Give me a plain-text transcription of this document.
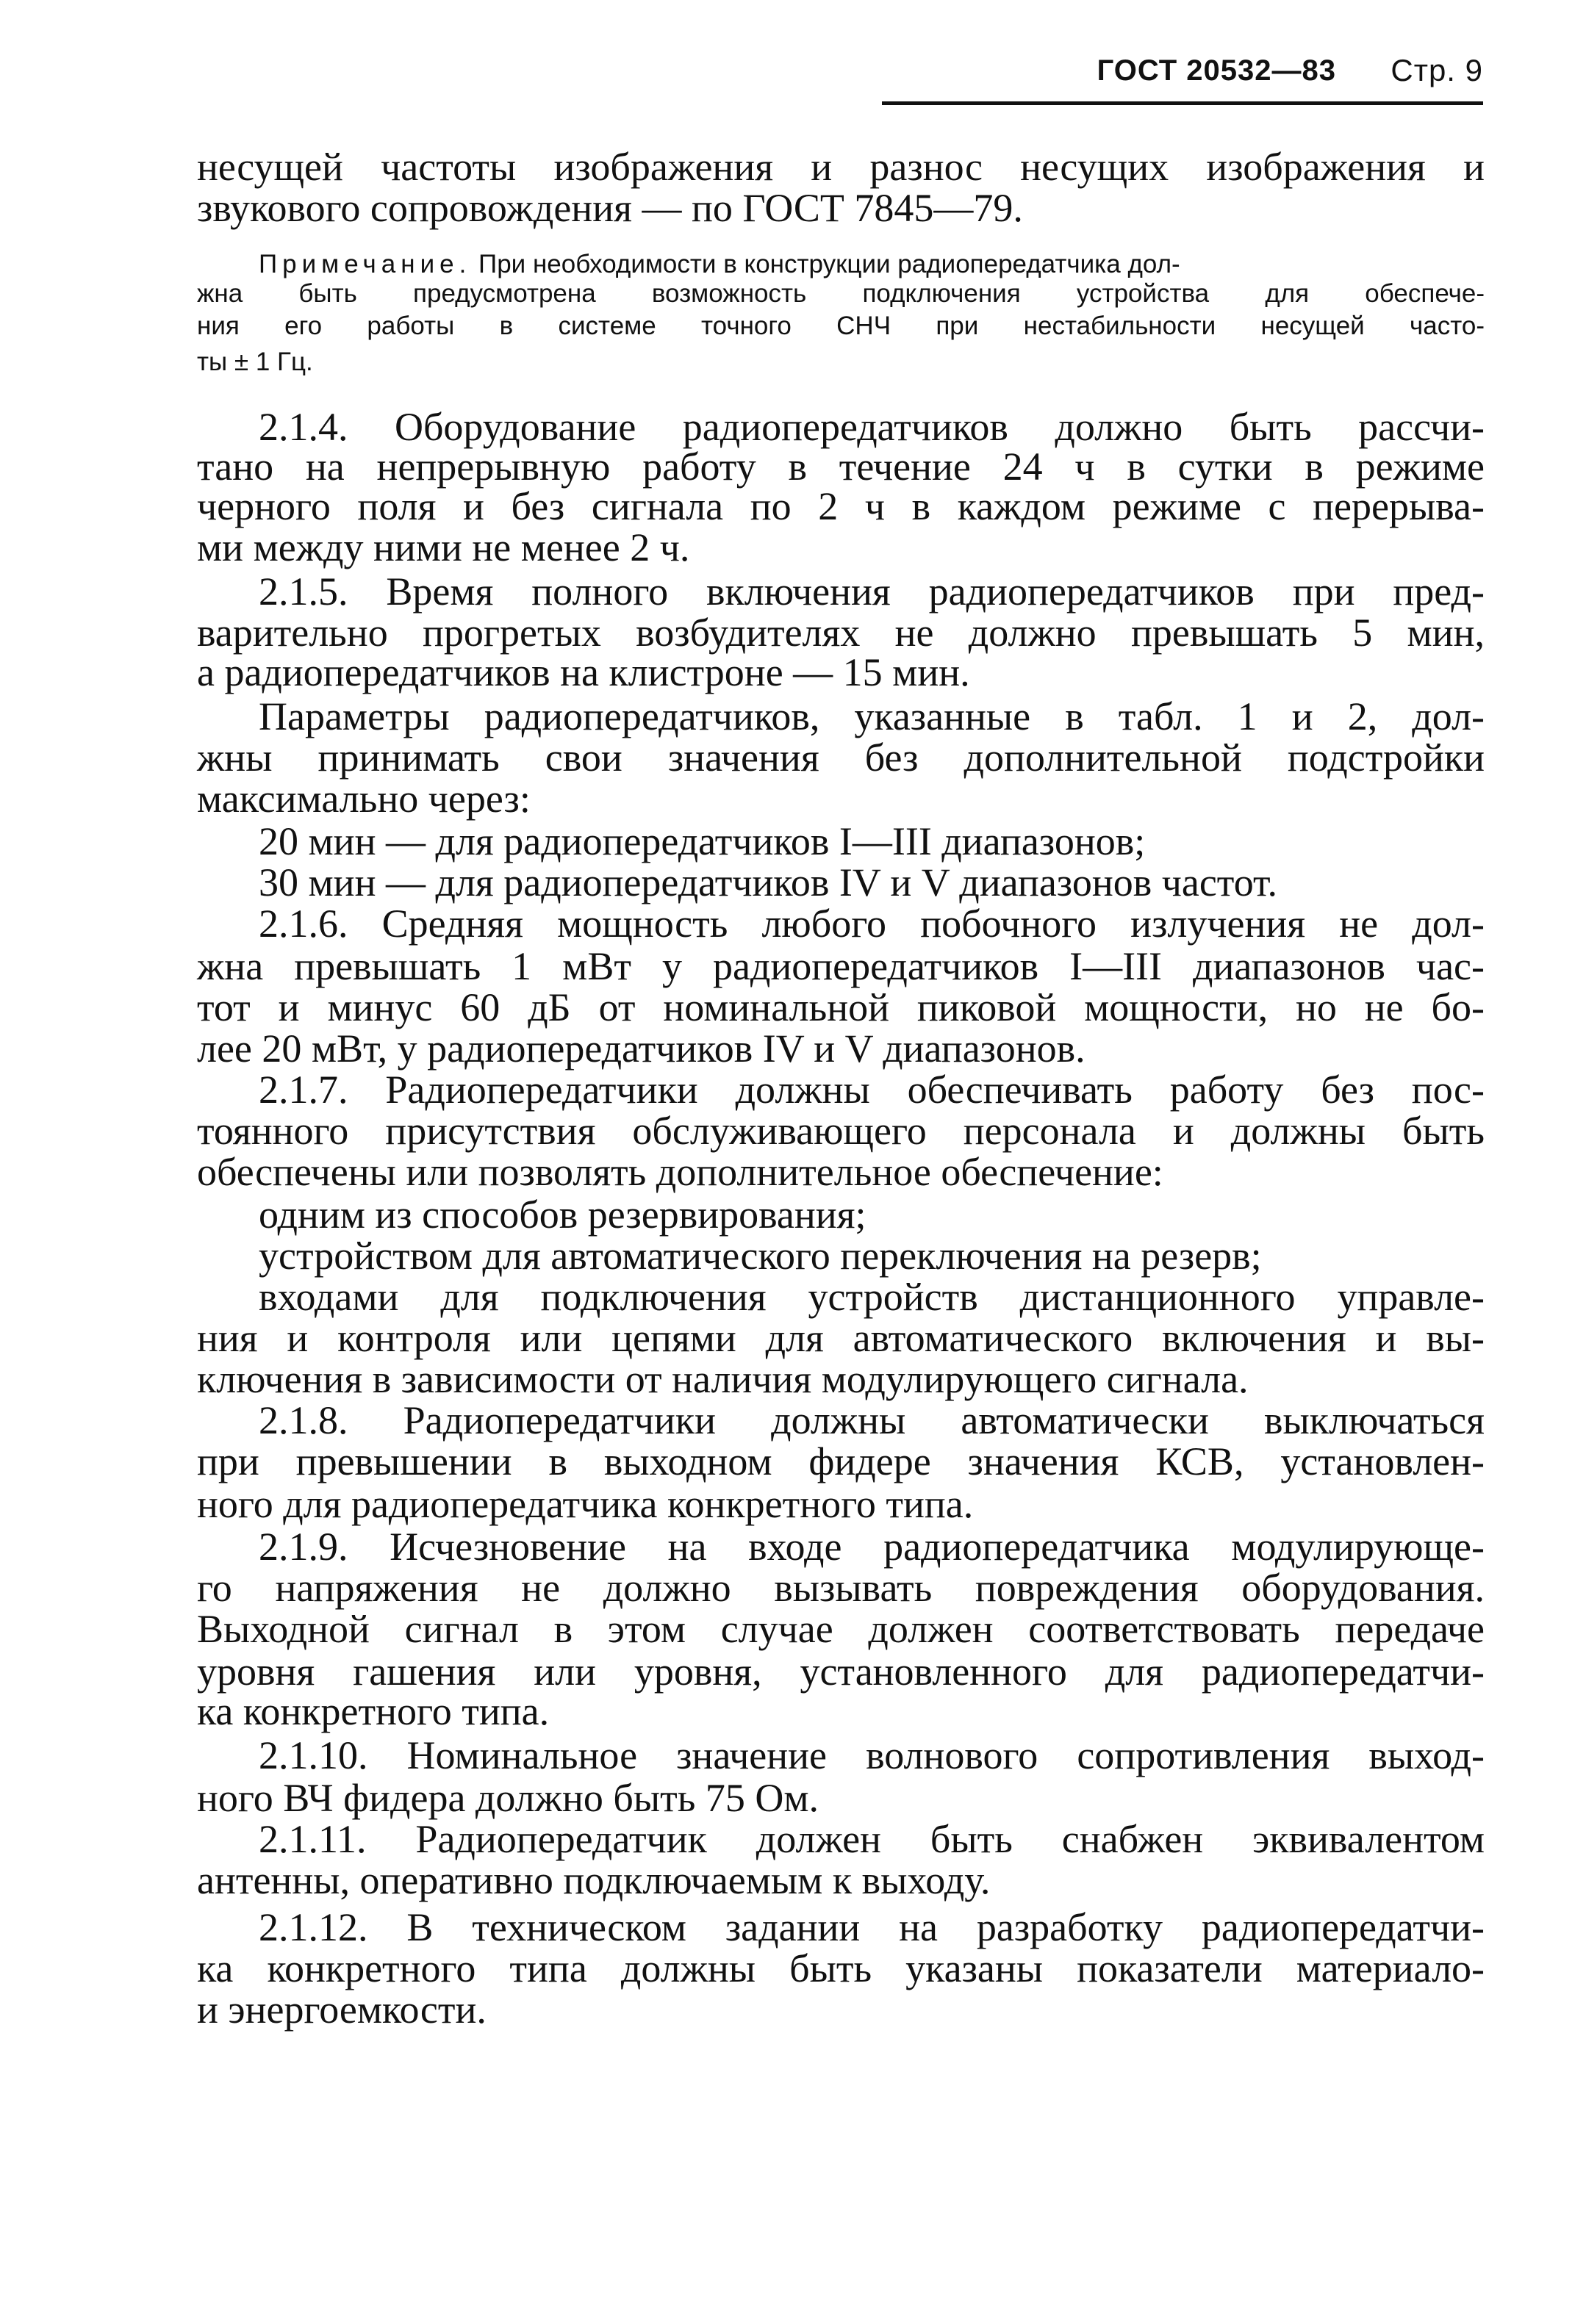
ГОСТ 20532—83 Стр. 9
несущей частоты изображения и разнос несущих изображения и
звукового сопровождения — по ГОСТ 7845—79.
Примечание. При необходимости в конструкции радиопередатчика дол-
жна быть предусмотрена возможность подключения устройства для обеспече-
ния его работы в системе точного СНЧ при нестабильности несущей часто-
ты ± 1 Гц.
2.1.4. Оборудование радиопередатчиков должно быть рассчи-
тано на непрерывную работу в течение 24 ч в сутки в режиме
черного поля и без сигнала по 2 ч в каждом режиме с перерыва-
ми между ними не менее 2 ч.
2.1.5. Время полного включения радиопередатчиков при пред-
варительно прогретых возбудителях не должно превышать 5 мин,
а радиопередатчиков на клистроне — 15 мин.
Параметры радиопередатчиков, указанные в табл. 1 и 2, дол-
жны принимать свои значения без дополнительной подстройки
максимально через:
20 мин — для радиопередатчиков I—III диапазонов;
30 мин — для радиопередатчиков IV и V диапазонов частот.
2.1.6. Средняя мощность любого побочного излучения не дол-
жна превышать 1 мВт у радиопередатчиков I—III диапазонов час-
тот и минус 60 дБ от номинальной пиковой мощности, но не бо-
лее 20 мВт, у радиопередатчиков IV и V диапазонов.
2.1.7. Радиопередатчики должны обеспечивать работу без пос-
тоянного присутствия обслуживающего персонала и должны быть
обеспечены или позволять дополнительное обеспечение:
одним из способов резервирования;
устройством для автоматического переключения на резерв;
входами для подключения устройств дистанционного управле-
ния и контроля или цепями для автоматического включения и вы-
ключения в зависимости от наличия модулирующего сигнала.
2.1.8. Радиопередатчики должны автоматически выключаться
при превышении в выходном фидере значения КСВ, установлен-
ного для радиопередатчика конкретного типа.
2.1.9. Исчезновение на входе радиопередатчика модулирующе-
го напряжения не должно вызывать повреждения оборудования.
Выходной сигнал в этом случае должен соответствовать передаче
уровня гашения или уровня, установленного для радиопередатчи-
ка конкретного типа.
2.1.10. Номинальное значение волнового сопротивления выход-
ного ВЧ фидера должно быть 75 Ом.
2.1.11. Радиопередатчик должен быть снабжен эквивалентом
антенны, оперативно подключаемым к выходу.
2.1.12. В техническом задании на разработку радиопередатчи-
ка конкретного типа должны быть указаны показатели материало-
и энергоемкости.
